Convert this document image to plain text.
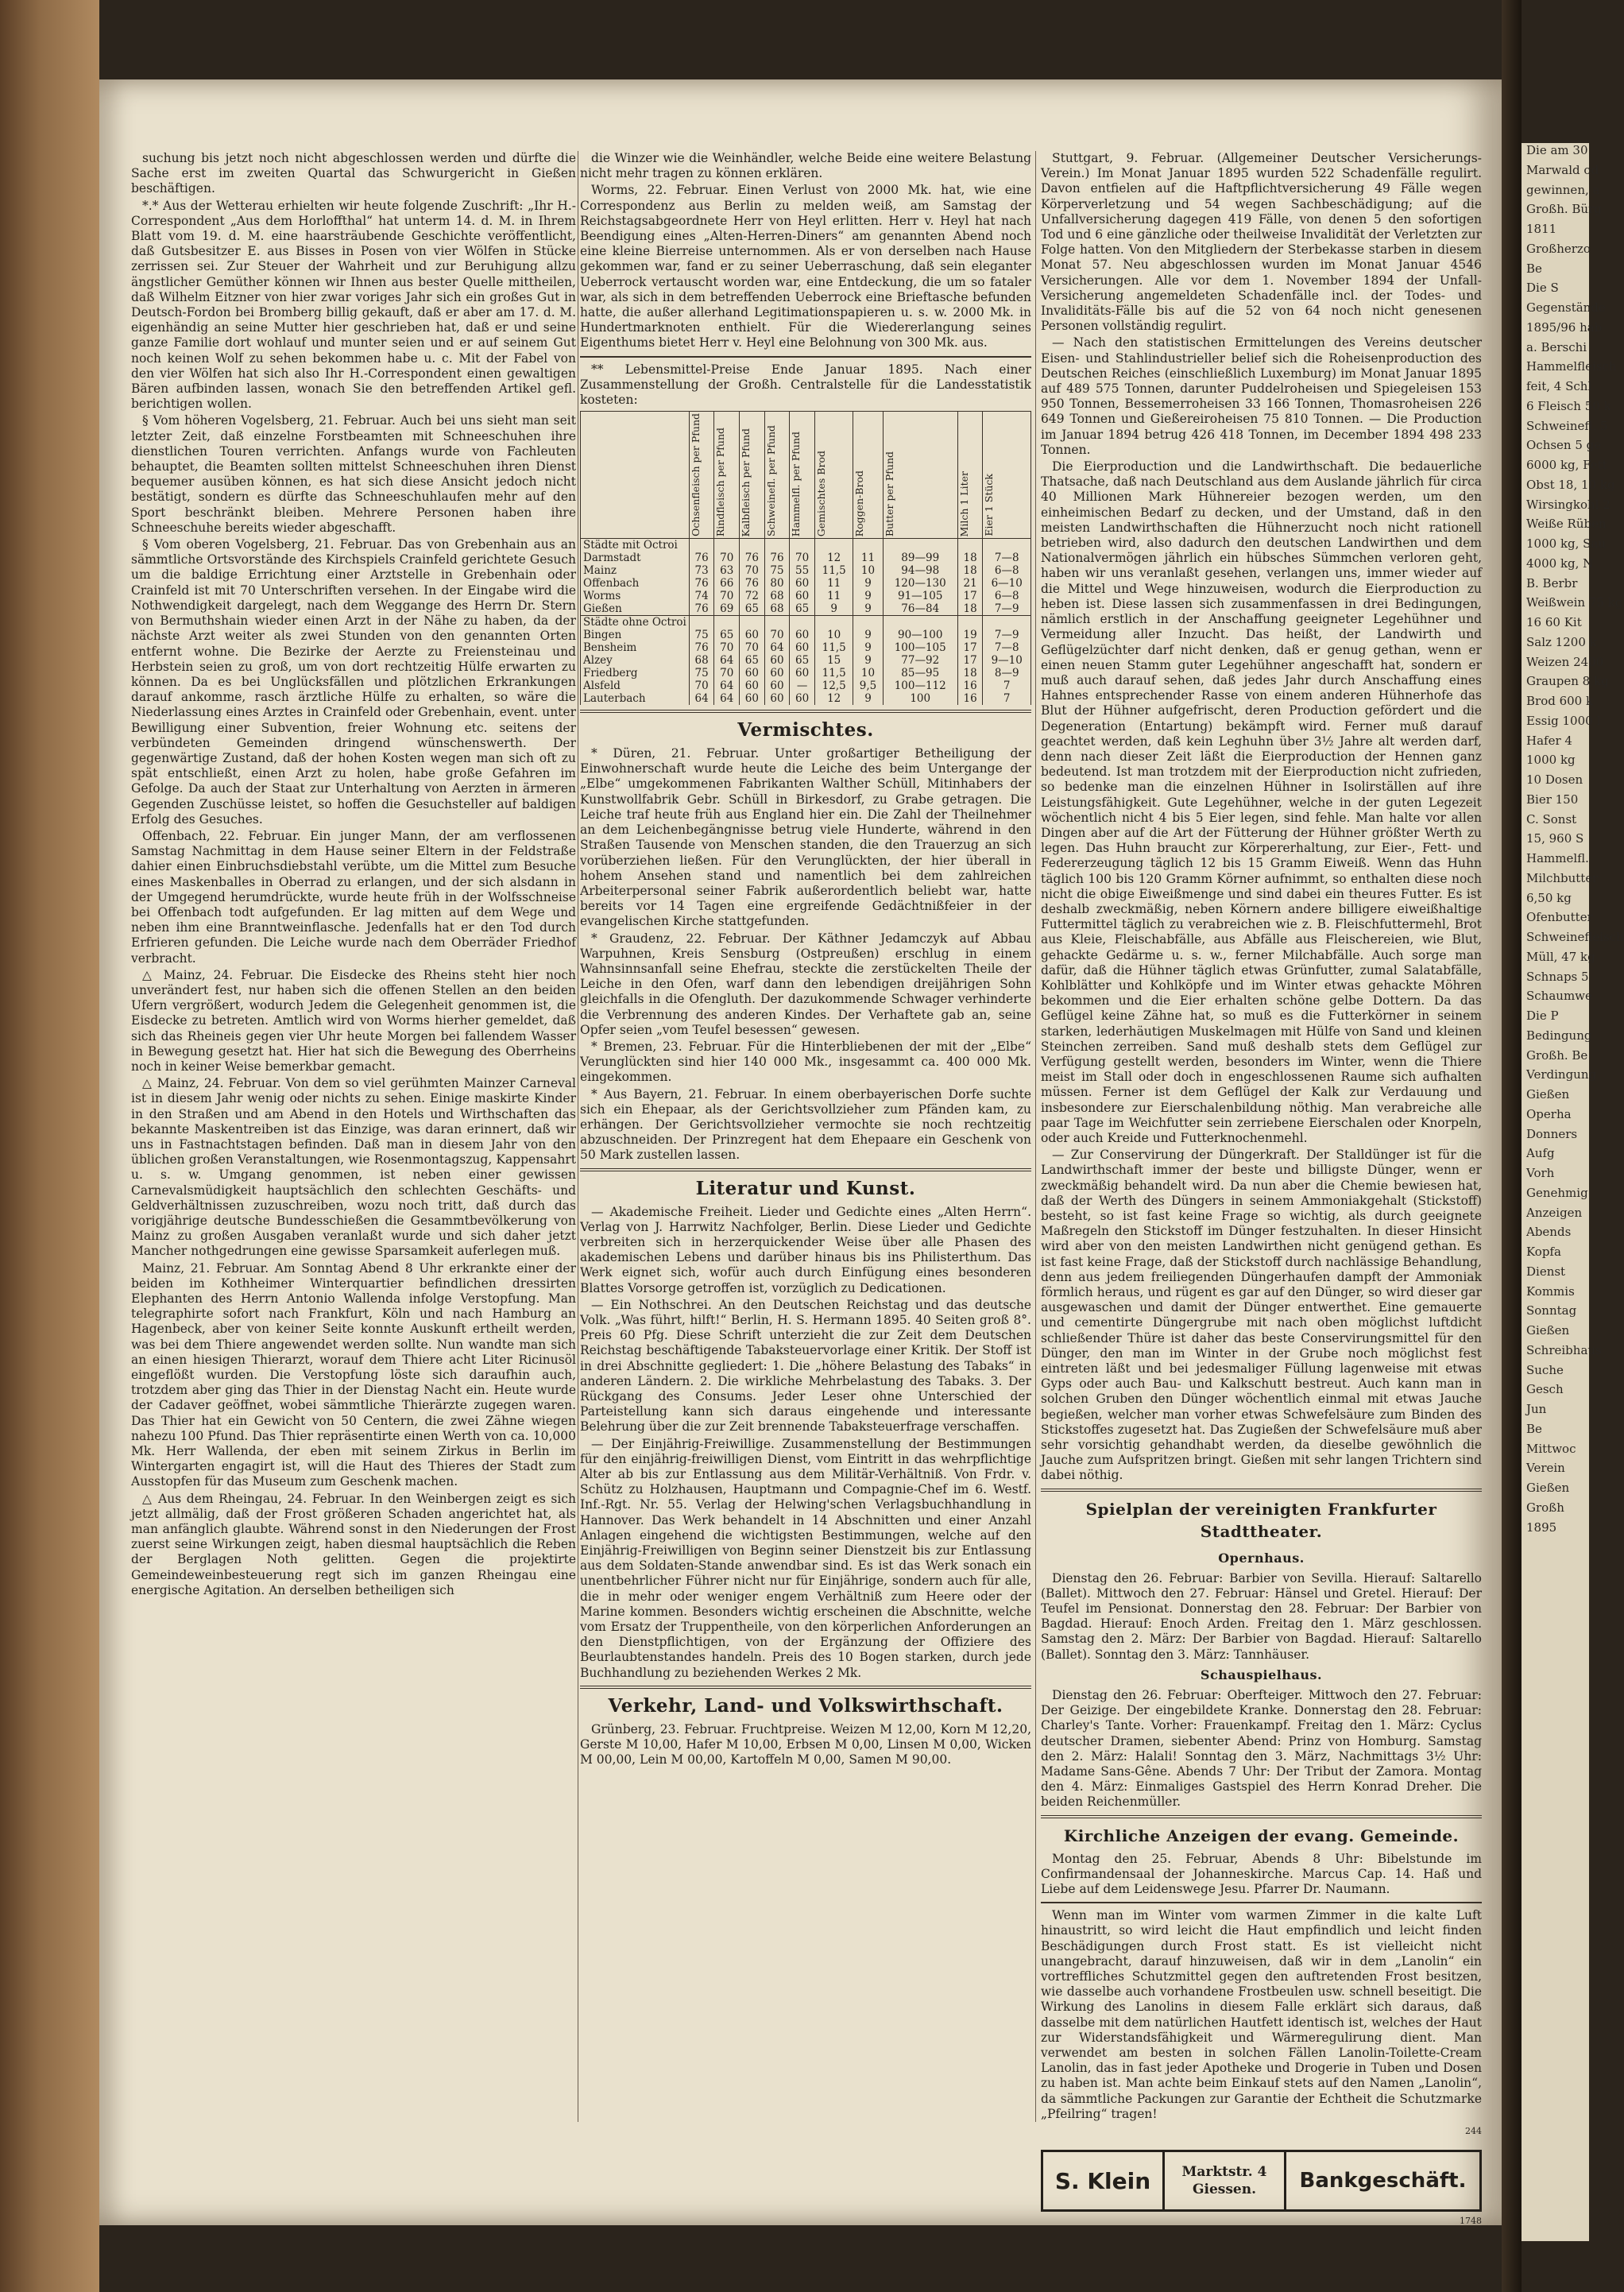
suchung bis jetzt noch nicht abgeschlossen werden und dürfte die Sache erst im zweiten Quartal das Schwurgericht in Gießen beschäftigen.

*.* Aus der Wetterau erhielten wir heute folgende Zuschrift: „Ihr H.-Correspondent „Aus dem Horloffthal“ hat unterm 14. d. M. in Ihrem Blatt vom 19. d. M. eine haarsträubende Geschichte veröffentlicht, daß Gutsbesitzer E. aus Bisses in Posen von vier Wölfen in Stücke zerrissen sei. Zur Steuer der Wahrheit und zur Beruhigung allzu ängstlicher Gemüther können wir Ihnen aus bester Quelle mittheilen, daß Wilhelm Eitzner von hier zwar voriges Jahr sich ein großes Gut in Deutsch-Fordon bei Bromberg billig gekauft, daß er aber am 17. d. M. eigenhändig an seine Mutter hier geschrieben hat, daß er und seine ganze Familie dort wohlauf und munter seien und er auf seinem Gut noch keinen Wolf zu sehen bekommen habe u. c. Mit der Fabel von den vier Wölfen hat sich also Ihr H.-Correspondent einen gewaltigen Bären aufbinden lassen, wonach Sie den betreffenden Artikel gefl. berichtigen wollen.

§ Vom höheren Vogelsberg, 21. Februar. Auch bei uns sieht man seit letzter Zeit, daß einzelne Forstbeamten mit Schneeschuhen ihre dienstlichen Touren verrichten. Anfangs wurde von Fachleuten behauptet, die Beamten sollten mittelst Schneeschuhen ihren Dienst bequemer ausüben können, es hat sich diese Ansicht jedoch nicht bestätigt, sondern es dürfte das Schneeschuhlaufen mehr auf den Sport beschränkt bleiben. Mehrere Personen haben ihre Schneeschuhe bereits wieder abgeschafft.

§ Vom oberen Vogelsberg, 21. Februar. Das von Grebenhain aus an sämmtliche Ortsvorstände des Kirchspiels Crainfeld gerichtete Gesuch um die baldige Errichtung einer Arztstelle in Grebenhain oder Crainfeld ist mit 70 Unterschriften versehen. In der Eingabe wird die Nothwendigkeit dargelegt, nach dem Weggange des Herrn Dr. Stern von Bermuthshain wieder einen Arzt in der Nähe zu haben, da der nächste Arzt weiter als zwei Stunden von den genannten Orten entfernt wohne. Die Bezirke der Aerzte zu Freiensteinau und Herbstein seien zu groß, um von dort rechtzeitig Hülfe erwarten zu können. Da es bei Unglücksfällen und plötzlichen Erkrankungen darauf ankomme, rasch ärztliche Hülfe zu erhalten, so wäre die Niederlassung eines Arztes in Crainfeld oder Grebenhain, event. unter Bewilligung einer Subvention, freier Wohnung etc. seitens der verbündeten Gemeinden dringend wünschenswerth. Der gegenwärtige Zustand, daß der hohen Kosten wegen man sich oft zu spät entschließt, einen Arzt zu holen, habe große Gefahren im Gefolge. Da auch der Staat zur Unterhaltung von Aerzten in ärmeren Gegenden Zuschüsse leistet, so hoffen die Gesuchsteller auf baldigen Erfolg des Gesuches.

Offenbach, 22. Februar. Ein junger Mann, der am verflossenen Samstag Nachmittag in dem Hause seiner Eltern in der Feldstraße dahier einen Einbruchsdiebstahl verübte, um die Mittel zum Besuche eines Maskenballes in Oberrad zu erlangen, und der sich alsdann in der Umgegend herumdrückte, wurde heute früh in der Wolfsschneise bei Offenbach todt aufgefunden. Er lag mitten auf dem Wege und neben ihm eine Branntweinflasche. Jedenfalls hat er den Tod durch Erfrieren gefunden. Die Leiche wurde nach dem Oberräder Friedhof verbracht.

△ Mainz, 24. Februar. Die Eisdecke des Rheins steht hier noch unverändert fest, nur haben sich die offenen Stellen an den beiden Ufern vergrößert, wodurch Jedem die Gelegenheit genommen ist, die Eisdecke zu betreten. Amtlich wird von Worms hierher gemeldet, daß sich das Rheineis gegen vier Uhr heute Morgen bei fallendem Wasser in Bewegung gesetzt hat. Hier hat sich die Bewegung des Oberrheins noch in keiner Weise bemerkbar gemacht.

△ Mainz, 24. Februar. Von dem so viel gerühmten Mainzer Carneval ist in diesem Jahr wenig oder nichts zu sehen. Einige maskirte Kinder in den Straßen und am Abend in den Hotels und Wirthschaften das bekannte Maskentreiben ist das Einzige, was daran erinnert, daß wir uns in Fastnachtstagen befinden. Daß man in diesem Jahr von den üblichen großen Veranstaltungen, wie Rosenmontagszug, Kappensahrt u. s. w. Umgang genommen, ist neben einer gewissen Carnevalsmüdigkeit hauptsächlich den schlechten Geschäfts- und Geldverhältnissen zuzuschreiben, wozu noch tritt, daß durch das vorigjährige deutsche Bundesschießen die Gesammtbevölkerung von Mainz zu großen Ausgaben veranlaßt wurde und sich daher jetzt Mancher nothgedrungen eine gewisse Sparsamkeit auferlegen muß.

Mainz, 21. Februar. Am Sonntag Abend 8 Uhr erkrankte einer der beiden im Kothheimer Winterquartier befindlichen dressirten Elephanten des Herrn Antonio Wallenda infolge Verstopfung. Man telegraphirte sofort nach Frankfurt, Köln und nach Hamburg an Hagenbeck, aber von keiner Seite konnte Auskunft ertheilt werden, was bei dem Thiere angewendet werden sollte. Nun wandte man sich an einen hiesigen Thierarzt, worauf dem Thiere acht Liter Ricinusöl eingeflößt wurden. Die Verstopfung löste sich daraufhin auch, trotzdem aber ging das Thier in der Dienstag Nacht ein. Heute wurde der Cadaver geöffnet, wobei sämmtliche Thierärzte zugegen waren. Das Thier hat ein Gewicht von 50 Centern, die zwei Zähne wiegen nahezu 100 Pfund. Das Thier repräsentirte einen Werth von ca. 10,000 Mk. Herr Wallenda, der eben mit seinem Zirkus in Berlin im Wintergarten engagirt ist, will die Haut des Thieres der Stadt zum Ausstopfen für das Museum zum Geschenk machen.

△ Aus dem Rheingau, 24. Februar. In den Weinbergen zeigt es sich jetzt allmälig, daß der Frost größeren Schaden angerichtet hat, als man anfänglich glaubte. Während sonst in den Niederungen der Frost zuerst seine Wirkungen zeigt, haben diesmal hauptsächlich die Reben der Berglagen Noth gelitten. Gegen die projektirte Gemeindeweinbesteuerung regt sich im ganzen Rheingau eine energische Agitation. An derselben betheiligen sich

die Winzer wie die Weinhändler, welche Beide eine weitere Belastung nicht mehr tragen zu können erklären.

Worms, 22. Februar. Einen Verlust von 2000 Mk. hat, wie eine Correspondenz aus Berlin zu melden weiß, am Samstag der Reichstagsabgeordnete Herr von Heyl erlitten. Herr v. Heyl hat nach Beendigung eines „Alten-Herren-Diners“ am genannten Abend noch eine kleine Bierreise unternommen. Als er von derselben nach Hause gekommen war, fand er zu seiner Ueberraschung, daß sein eleganter Ueberrock vertauscht worden war, eine Entdeckung, die um so fataler war, als sich in dem betreffenden Ueberrock eine Brieftasche befunden hatte, die außer allerhand Legitimationspapieren u. s. w. 2000 Mk. in Hundertmarknoten enthielt. Für die Wiedererlangung seines Eigenthums bietet Herr v. Heyl eine Belohnung von 300 Mk. aus.

** Lebensmittel-Preise Ende Januar 1895. Nach einer Zusammenstellung der Großh. Centralstelle für die Landesstatistik kosteten:

	Ochsenfleisch per Pfund	Rindfleisch per Pfund	Kalbfleisch per Pfund	Schweinefl. per Pfund	Hammelfl. per Pfund	Gemischtes Brod	Roggen-Brod	Butter per Pfund	Milch 1 Liter	Eier 1 Stück

Städte mit Octroi										
Darmstadt	76	70	76	76	70	12	11	89—99	18	7—8
Mainz	73	63	70	75	55	11,5	10	94—98	18	6—8
Offenbach	76	66	76	80	60	11	9	120—130	21	6—10
Worms	74	70	72	68	60	11	9	91—105	17	6—8
Gießen	76	69	65	68	65	9	9	76—84	18	7—9
Städte ohne Octroi										
Bingen	75	65	60	70	60	10	9	90—100	19	7—9
Bensheim	76	70	70	64	60	11,5	9	100—105	17	7—8
Alzey	68	64	65	60	65	15	9	77—92	17	9—10
Friedberg	75	70	60	60	60	11,5	10	85—95	18	8—9
Alsfeld	70	64	60	60	—	12,5	9,5	100—112	16	7
Lauterbach	64	64	60	60	60	12	9	100	16	7
Vermischtes.

* Düren, 21. Februar. Unter großartiger Betheiligung der Einwohnerschaft wurde heute die Leiche des beim Untergange der „Elbe“ umgekommenen Fabrikanten Walther Schüll, Mitinhabers der Kunstwollfabrik Gebr. Schüll in Birkesdorf, zu Grabe getragen. Die Leiche traf heute früh aus England hier ein. Die Zahl der Theilnehmer an dem Leichenbegängnisse betrug viele Hunderte, während in den Straßen Tausende von Menschen standen, die den Trauerzug an sich vorüberziehen ließen. Für den Verunglückten, der hier überall in hohem Ansehen stand und namentlich bei dem zahlreichen Arbeiterpersonal seiner Fabrik außerordentlich beliebt war, hatte bereits vor 14 Tagen eine ergreifende Gedächtnißfeier in der evangelischen Kirche stattgefunden.

* Graudenz, 22. Februar. Der Käthner Jedamczyk auf Abbau Warpuhnen, Kreis Sensburg (Ostpreußen) erschlug in einem Wahnsinnsanfall seine Ehefrau, steckte die zerstückelten Theile der Leiche in den Ofen, warf dann den lebendigen dreijährigen Sohn gleichfalls in die Ofengluth. Der dazukommende Schwager verhinderte die Verbrennung des anderen Kindes. Der Verhaftete gab an, seine Opfer seien „vom Teufel besessen“ gewesen.

* Bremen, 23. Februar. Für die Hinterbliebenen der mit der „Elbe“ Verunglückten sind hier 140 000 Mk., insgesammt ca. 400 000 Mk. eingekommen.

* Aus Bayern, 21. Februar. In einem oberbayerischen Dorfe suchte sich ein Ehepaar, als der Gerichtsvollzieher zum Pfänden kam, zu erhängen. Der Gerichtsvollzieher vermochte sie noch rechtzeitig abzuschneiden. Der Prinzregent hat dem Ehepaare ein Geschenk von 50 Mark zustellen lassen.

Literatur und Kunst.

— Akademische Freiheit. Lieder und Gedichte eines „Alten Herrn“. Verlag von J. Harrwitz Nachfolger, Berlin. Diese Lieder und Gedichte verbreiten sich in herzerquickender Weise über alle Phasen des akademischen Lebens und darüber hinaus bis ins Philisterthum. Das Werk eignet sich, wofür auch durch Einfügung eines besonderen Blattes Vorsorge getroffen ist, vorzüglich zu Dedicationen.

— Ein Nothschrei. An den Deutschen Reichstag und das deutsche Volk. „Was führt, hilft!“ Berlin, H. S. Hermann 1895. 40 Seiten groß 8°. Preis 60 Pfg. Diese Schrift unterzieht die zur Zeit dem Deutschen Reichstag beschäftigende Tabaksteuervorlage einer Kritik. Der Stoff ist in drei Abschnitte gegliedert: 1. Die „höhere Belastung des Tabaks“ in anderen Ländern. 2. Die wirkliche Mehrbelastung des Tabaks. 3. Der Rückgang des Consums. Jeder Leser ohne Unterschied der Parteistellung kann sich daraus eingehende und interessante Belehrung über die zur Zeit brennende Tabaksteuerfrage verschaffen.

— Der Einjährig-Freiwillige. Zusammenstellung der Bestimmungen für den einjährig-freiwilligen Dienst, vom Eintritt in das wehrpflichtige Alter ab bis zur Entlassung aus dem Militär-Verhältniß. Von Frdr. v. Schütz zu Holzhausen, Hauptmann und Compagnie-Chef im 6. Westf. Inf.-Rgt. Nr. 55. Verlag der Helwing'schen Verlagsbuchhandlung in Hannover. Das Werk behandelt in 14 Abschnitten und einer Anzahl Anlagen eingehend die wichtigsten Bestimmungen, welche auf den Einjährig-Freiwilligen von Beginn seiner Dienstzeit bis zur Entlassung aus dem Soldaten-Stande anwendbar sind. Es ist das Werk sonach ein unentbehrlicher Führer nicht nur für Einjährige, sondern auch für alle, die in mehr oder weniger engem Verhältniß zum Heere oder der Marine kommen. Besonders wichtig erscheinen die Abschnitte, welche vom Ersatz der Truppentheile, von den körperlichen Anforderungen an den Dienstpflichtigen, von der Ergänzung der Offiziere des Beurlaubtenstandes handeln. Preis des 10 Bogen starken, durch jede Buchhandlung zu beziehenden Werkes 2 Mk.

Verkehr, Land- und Volkswirthschaft.

Grünberg, 23. Februar. Fruchtpreise. Weizen M 12,00, Korn M 12,20, Gerste M 10,00, Hafer M 10,00, Erbsen M 0,00, Linsen M 0,00, Wicken M 00,00, Lein M 00,00, Kartoffeln M 0,00, Samen M 90,00.

Stuttgart, 9. Februar. (Allgemeiner Deutscher Versicherungs-Verein.) Im Monat Januar 1895 wurden 522 Schadenfälle regulirt. Davon entfielen auf die Haftpflichtversicherung 49 Fälle wegen Körperverletzung und 54 wegen Sachbeschädigung; auf die Unfallversicherung dagegen 419 Fälle, von denen 5 den sofortigen Tod und 6 eine gänzliche oder theilweise Invalidität der Verletzten zur Folge hatten. Von den Mitgliedern der Sterbekasse starben in diesem Monat 57. Neu abgeschlossen wurden im Monat Januar 4546 Versicherungen. Alle vor dem 1. November 1894 der Unfall-Versicherung angemeldeten Schadenfälle incl. der Todes- und Invaliditäts-Fälle bis auf die 52 von 64 noch nicht genesenen Personen vollständig regulirt.

— Nach den statistischen Ermittelungen des Vereins deutscher Eisen- und Stahlindustrieller belief sich die Roheisenproduction des Deutschen Reiches (einschließlich Luxemburg) im Monat Januar 1895 auf 489 575 Tonnen, darunter Puddelroheisen und Spiegeleisen 153 950 Tonnen, Bessemerroheisen 33 166 Tonnen, Thomasroheisen 226 649 Tonnen und Gießereiroheisen 75 810 Tonnen. — Die Production im Januar 1894 betrug 426 418 Tonnen, im December 1894 498 233 Tonnen.

Die Eierproduction und die Landwirthschaft. Die bedauerliche Thatsache, daß nach Deutschland aus dem Auslande jährlich für circa 40 Millionen Mark Hühnereier bezogen werden, um den einheimischen Bedarf zu decken, und der Umstand, daß in den meisten Landwirthschaften die Hühnerzucht noch nicht rationell betrieben wird, also dadurch den deutschen Landwirthen und dem Nationalvermögen jährlich ein hübsches Sümmchen verloren geht, haben wir uns veranlaßt gesehen, verlangen uns, immer wieder auf die Mittel und Wege hinzuweisen, wodurch die Eierproduction zu heben ist. Diese lassen sich zusammenfassen in drei Bedingungen, nämlich erstlich in der Anschaffung geeigneter Legehühner und Vermeidung aller Inzucht. Das heißt, der Landwirth und Geflügelzüchter darf nicht denken, daß er genug gethan, wenn er einen neuen Stamm guter Legehühner angeschafft hat, sondern er muß auch darauf sehen, daß jedes Jahr durch Anschaffung eines Hahnes entsprechender Rasse von einem anderen Hühnerhofe das Blut der Hühner aufgefrischt, deren Production gefördert und die Degeneration (Entartung) bekämpft wird. Ferner muß darauf geachtet werden, daß kein Leghuhn über 3½ Jahre alt werden darf, denn nach dieser Zeit läßt die Eierproduction der Hennen ganz bedeutend. Ist man trotzdem mit der Eierproduction nicht zufrieden, so bedenke man die einzelnen Hühner in Isolirställen auf ihre Leistungsfähigkeit. Gute Legehühner, welche in der guten Legezeit wöchentlich nicht 4 bis 5 Eier legen, sind fehle. Man halte vor allen Dingen aber auf die Art der Fütterung der Hühner größter Werth zu legen. Das Huhn braucht zur Körpererhaltung, zur Eier-, Fett- und Federerzeugung täglich 12 bis 15 Gramm Eiweiß. Wenn das Huhn täglich 100 bis 120 Gramm Körner aufnimmt, so enthalten diese noch nicht die obige Eiweißmenge und sind dabei ein theures Futter. Es ist deshalb zweckmäßig, neben Körnern andere billigere eiweißhaltige Futtermittel täglich zu verabreichen wie z. B. Fleischfuttermehl, Brot aus Kleie, Fleischabfälle, aus Abfälle aus Fleischereien, wie Blut, gehackte Gedärme u. s. w., ferner Milchabfälle. Auch sorge man dafür, daß die Hühner täglich etwas Grünfutter, zumal Salatabfälle, Kohlblätter und Kohlköpfe und im Winter etwas gehackte Möhren bekommen und die Eier erhalten schöne gelbe Dottern. Da das Geflügel keine Zähne hat, so muß es die Futterkörner in seinem starken, lederhäutigen Muskelmagen mit Hülfe von Sand und kleinen Steinchen zerreiben. Sand muß deshalb stets dem Geflügel zur Verfügung gestellt werden, besonders im Winter, wenn die Thiere meist im Stall oder doch in engeschlossenen Raume sich aufhalten müssen. Ferner ist dem Geflügel der Kalk zur Verdauung und insbesondere zur Eierschalenbildung nöthig. Man verabreiche alle paar Tage im Weichfutter sein zerriebene Eierschalen oder Knorpeln, oder auch Kreide und Futterknochenmehl.

— Zur Conservirung der Düngerkraft. Der Stalldünger ist für die Landwirthschaft immer der beste und billigste Dünger, wenn er zweckmäßig behandelt wird. Da nun aber die Chemie bewiesen hat, daß der Werth des Düngers in seinem Ammoniakgehalt (Stickstoff) besteht, so ist fast keine Frage so wichtig, als durch geeignete Maßregeln den Stickstoff im Dünger festzuhalten. In dieser Hinsicht wird aber von den meisten Landwirthen nicht genügend gethan. Es ist fast keine Frage, daß der Stickstoff durch nachlässige Behandlung, denn aus jedem freiliegenden Düngerhaufen dampft der Ammoniak förmlich heraus, und rügent es gar auf den Dünger, so wird dieser gar ausgewaschen und damit der Dünger entwerthet. Eine gemauerte und cementirte Düngergrube mit nach oben möglichst luftdicht schließender Thüre ist daher das beste Conservirungsmittel für den Dünger, den man im Winter in der Grube noch möglichst fest eintreten läßt und bei jedesmaliger Füllung lagenweise mit etwas Gyps oder auch Bau- und Kalkschutt bestreut. Auch kann man in solchen Gruben den Dünger wöchentlich einmal mit etwas Jauche begießen, welcher man vorher etwas Schwefelsäure zum Binden des Stickstoffes zugesetzt hat. Das Zugießen der Schwefelsäure muß aber sehr vorsichtig gehandhabt werden, da dieselbe gewöhnlich die Jauche zum Aufspritzen bringt. Gießen mit sehr langen Trichtern sind dabei nöthig.

Spielplan der vereinigten Frankfurter Stadttheater.
Opernhaus.

Dienstag den 26. Februar: Barbier von Sevilla. Hierauf: Saltarello (Ballet). Mittwoch den 27. Februar: Hänsel und Gretel. Hierauf: Der Teufel im Pensionat. Donnerstag den 28. Februar: Der Barbier von Bagdad. Hierauf: Enoch Arden. Freitag den 1. März geschlossen. Samstag den 2. März: Der Barbier von Bagdad. Hierauf: Saltarello (Ballet). Sonntag den 3. März: Tannhäuser.

Schauspielhaus.

Dienstag den 26. Februar: Oberfteiger. Mittwoch den 27. Februar: Der Geizige. Der eingebildete Kranke. Donnerstag den 28. Februar: Charley's Tante. Vorher: Frauenkampf. Freitag den 1. März: Cyclus deutscher Dramen, siebenter Abend: Prinz von Homburg. Samstag den 2. März: Halali! Sonntag den 3. März, Nachmittags 3½ Uhr: Madame Sans-Gêne. Abends 7 Uhr: Der Tribut der Zamora. Montag den 4. März: Einmaliges Gastspiel des Herrn Konrad Dreher. Die beiden Reichenmüller.

Kirchliche Anzeigen der evang. Gemeinde.

Montag den 25. Februar, Abends 8 Uhr: Bibelstunde im Confirmandensaal der Johanneskirche. Marcus Cap. 14. Haß und Liebe auf dem Leidenswege Jesu. Pfarrer Dr. Naumann.

Wenn man im Winter vom warmen Zimmer in die kalte Luft hinaustritt, so wird leicht die Haut empfindlich und leicht finden Beschädigungen durch Frost statt. Es ist vielleicht nicht unangebracht, darauf hinzuweisen, daß wir in dem „Lanolin“ ein vortreffliches Schutzmittel gegen den auftretenden Frost besitzen, wie dasselbe auch vorhandene Frostbeulen usw. schnell beseitigt. Die Wirkung des Lanolins in diesem Falle erklärt sich daraus, daß dasselbe mit dem natürlichen Hautfett identisch ist, welches der Haut zur Widerstandsfähigkeit und Wärmeregulirung dient. Man verwendet am besten in solchen Fällen Lanolin-Toilette-Cream Lanolin, das in fast jeder Apotheke und Drogerie in Tuben und Dosen zu haben ist. Man achte beim Einkauf stets auf den Namen „Lanolin“, da sämmtliche Packungen zur Garantie der Echtheit die Schutzmarke „Pfeilring“ tragen!

244
S. Klein	Marktstr. 4
Giessen.	Bankgeschäft.
1748
Die am 30
Marwald od
gewinnen, a
Großh. Bürg
1811
Großherzo
Be
Die S
Gegenstände
1895/96 hab
a. Berschi
Hammelfleisch
feit, 4 Schl
6 Fleisch 50 k
Schweinefl. 5
Ochsen 5 ge
6000 kg, Fett
Obst 18, 10 kg
Wirsingkohl 2
Weiße Rüben
1000 kg, Sau
4000 kg, N
B. Berbr
Weißwein 75 kg
16 60 Kit
Salz 1200 k
Weizen 2400
Graupen 8 kg
Brod 600 k
Essig 1000 l
Hafer 4
1000 kg
10 Dosen
Bier 150
C. Sonst
15, 960 S
Hammelfl.
Milchbutter
6,50 kg
Ofenbutter
Schweinefleisch
Müll, 47 kg
Schnaps 5
Schaumwe
Die P
Bedingung
Großh. Be
Verdingung
Gießen
Operha
Donners
Aufg
Vorh
Genehmig
Anzeigen
Abends
Kopfa
Dienst
Kommis
Sonntag
Gießen
Schreibhaus
Suche
Gesch
Jun
Be
Mittwoc
Verein
Gießen
Großh
1895
